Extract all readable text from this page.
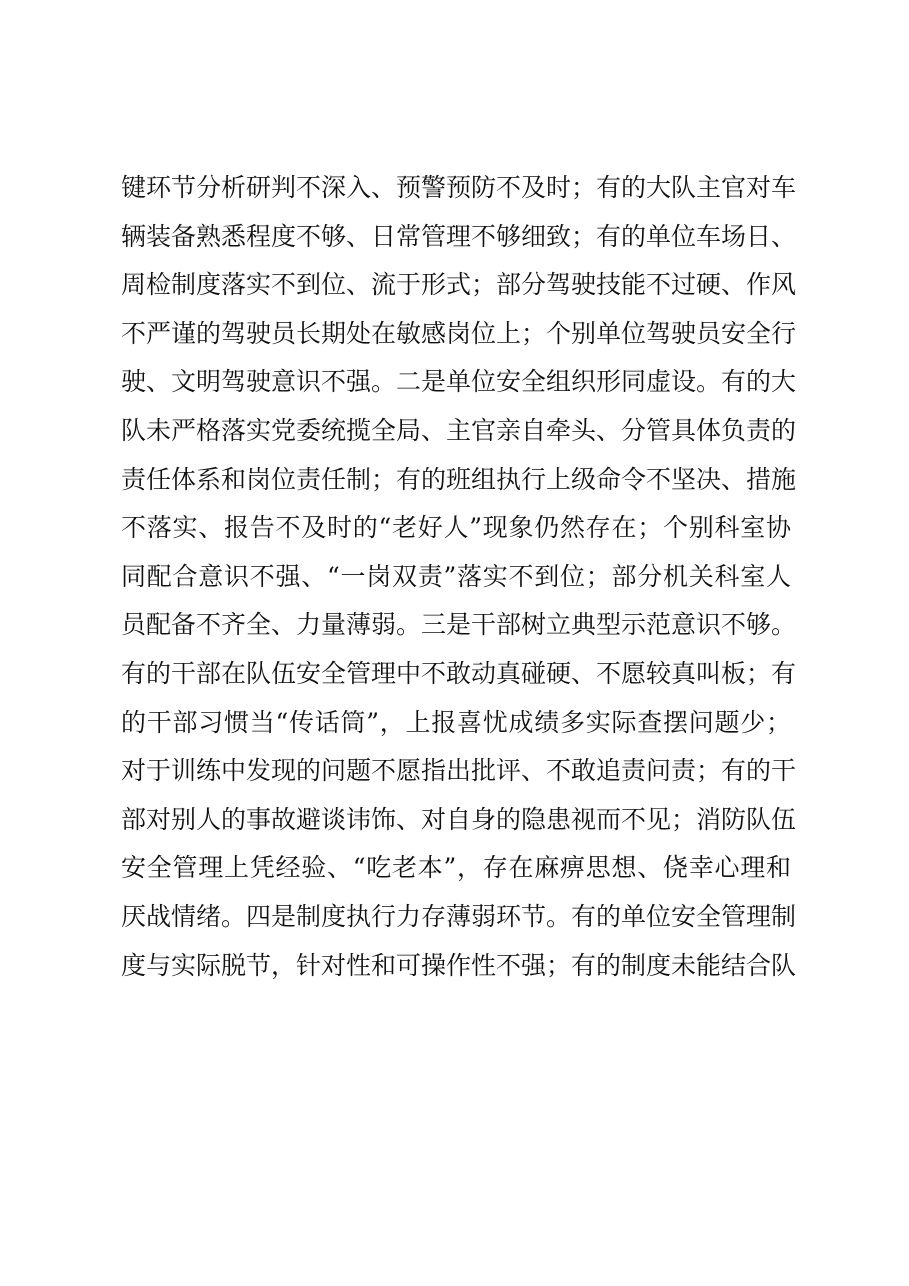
键环节分析研判不深入、预警预防不及时；有的大队主官对车
辆装备熟悉程度不够、日常管理不够细致；有的单位车场日、
周检制度落实不到位、流于形式；部分驾驶技能不过硬、作风
不严谨的驾驶员长期处在敏感岗位上；个别单位驾驶员安全行
驶、文明驾驶意识不强。二是单位安全组织形同虚设。有的大
队未严格落实党委统揽全局、主官亲自牵头、分管具体负责的
责任体系和岗位责任制；有的班组执行上级命令不坚决、措施
不落实、报告不及时的“老好人”现象仍然存在；个别科室协
同配合意识不强、“一岗双责”落实不到位；部分机关科室人
员配备不齐全、力量薄弱。三是干部树立典型示范意识不够。
有的干部在队伍安全管理中不敢动真碰硬、不愿较真叫板；有
的干部习惯当“传话筒”，上报喜忧成绩多实际查摆问题少；
对于训练中发现的问题不愿指出批评、不敢追责问责；有的干
部对别人的事故避谈讳饰、对自身的隐患视而不见；消防队伍
安全管理上凭经验、“吃老本”，存在麻痹思想、侥幸心理和
厌战情绪。四是制度执行力存薄弱环节。有的单位安全管理制
度与实际脱节，针对性和可操作性不强；有的制度未能结合队
